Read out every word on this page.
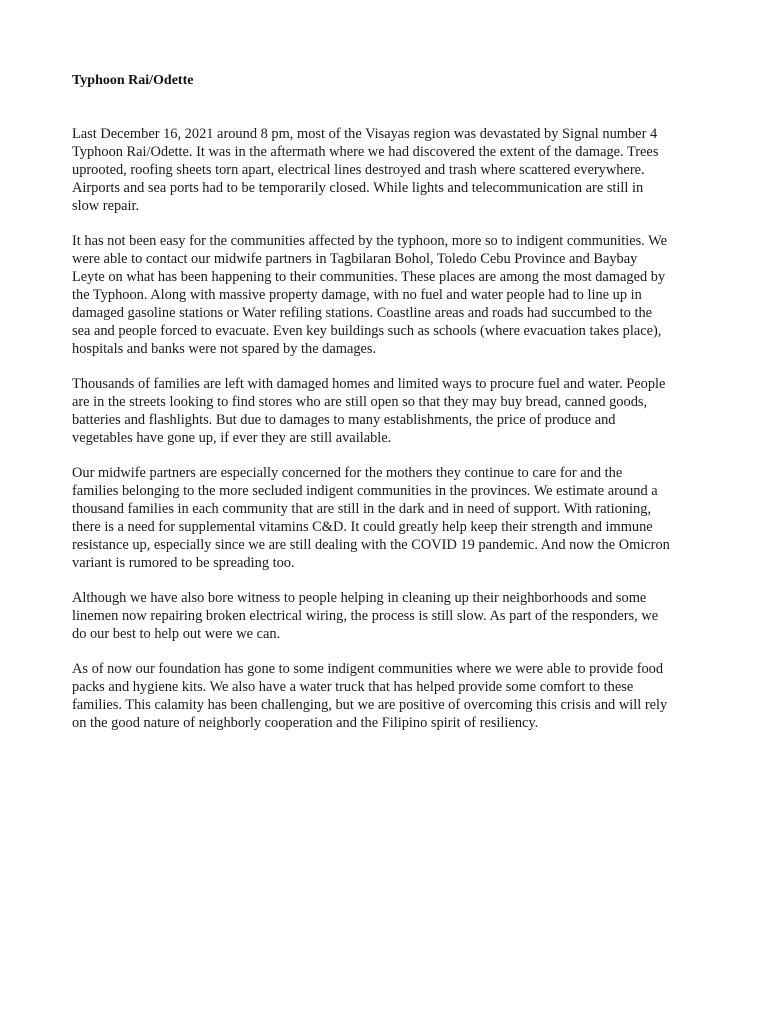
Typhoon Rai/Odette

Last December 16, 2021 around 8 pm, most of the Visayas region was devastated by Signal number 4
Typhoon Rai/Odette. It was in the aftermath where we had discovered the extent of the damage. Trees
uprooted, roofing sheets torn apart, electrical lines destroyed and trash where scattered everywhere.
Airports and sea ports had to be temporarily closed. While lights and telecommunication are still in
slow repair.

It has not been easy for the communities affected by the typhoon, more so to indigent communities. We
were able to contact our midwife partners in Tagbilaran Bohol, Toledo Cebu Province and Baybay
Leyte on what has been happening to their communities. These places are among the most damaged by
the Typhoon. Along with massive property damage, with no fuel and water people had to line up in
damaged gasoline stations or Water refiling stations. Coastline areas and roads had succumbed to the
sea and people forced to evacuate. Even key buildings such as schools (where evacuation takes place),
hospitals and banks were not spared by the damages.

Thousands of families are left with damaged homes and limited ways to procure fuel and water. People
are in the streets looking to find stores who are still open so that they may buy bread, canned goods,
batteries and flashlights. But due to damages to many establishments, the price of produce and
vegetables have gone up, if ever they are still available.

Our midwife partners are especially concerned for the mothers they continue to care for and the
families belonging to the more secluded indigent communities in the provinces. We estimate around a
thousand families in each community that are still in the dark and in need of support. With rationing,
there is a need for supplemental vitamins C&D. It could greatly help keep their strength and immune
resistance up, especially since we are still dealing with the COVID 19 pandemic. And now the Omicron
variant is rumored to be spreading too.

Although we have also bore witness to people helping in cleaning up their neighborhoods and some
linemen now repairing broken electrical wiring, the process is still slow. As part of the responders, we
do our best to help out were we can.

As of now our foundation has gone to some indigent communities where we were able to provide food
packs and hygiene kits. We also have a water truck that has helped provide some comfort to these
families. This calamity has been challenging, but we are positive of overcoming this crisis and will rely
on the good nature of neighborly cooperation and the Filipino spirit of resiliency.
